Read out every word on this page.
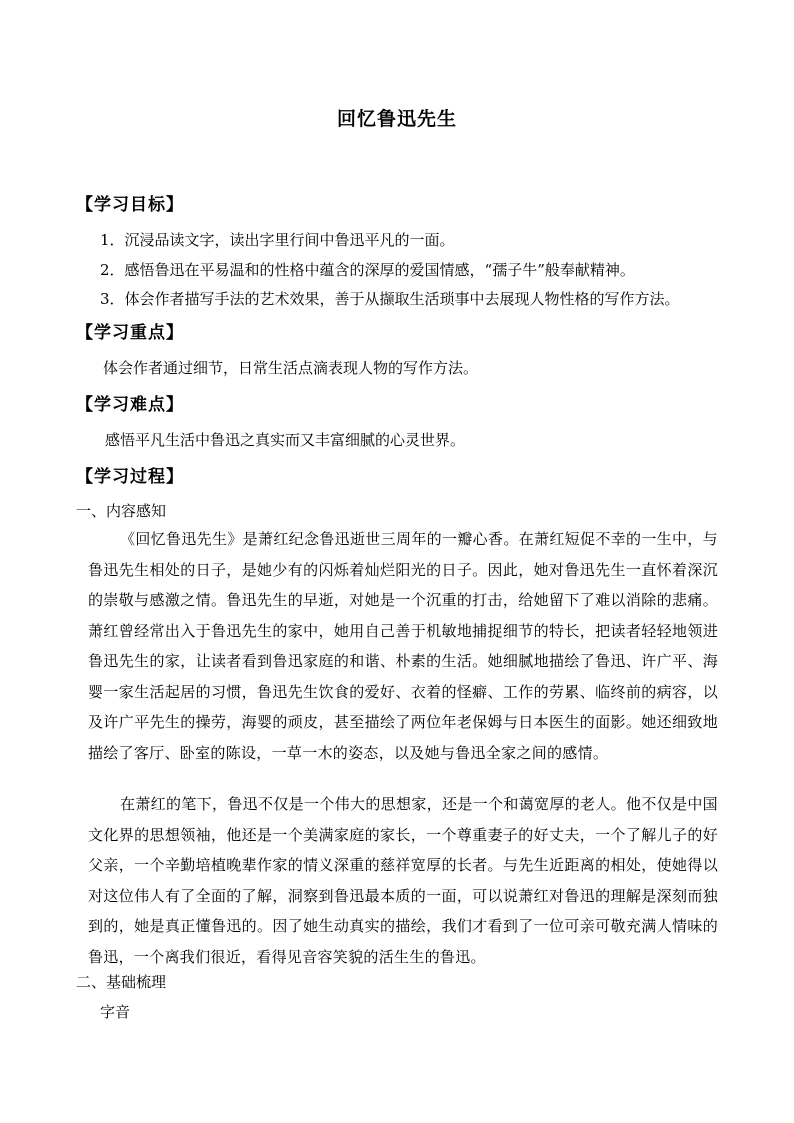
回忆鲁迅先生
【学习目标】
1．沉浸品读文字，读出字里行间中鲁迅平凡的一面。
2．感悟鲁迅在平易温和的性格中蕴含的深厚的爱国情感，“孺子牛”般奉献精神。
3．体会作者描写手法的艺术效果，善于从撷取生活琐事中去展现人物性格的写作方法。
【学习重点】
体会作者通过细节，日常生活点滴表现人物的写作方法。
【学习难点】
感悟平凡生活中鲁迅之真实而又丰富细腻的心灵世界。
【学习过程】
一、内容感知
《回忆鲁迅先生》是萧红纪念鲁迅逝世三周年的一瓣心香。在萧红短促不幸的一生中，与鲁迅先生相处的日子，是她少有的闪烁着灿烂阳光的日子。因此，她对鲁迅先生一直怀着深沉的崇敬与感激之情。鲁迅先生的早逝，对她是一个沉重的打击，给她留下了难以消除的悲痛。萧红曾经常出入于鲁迅先生的家中，她用自己善于机敏地捕捉细节的特长，把读者轻轻地领进鲁迅先生的家，让读者看到鲁迅家庭的和谐、朴素的生活。她细腻地描绘了鲁迅、许广平、海婴一家生活起居的习惯，鲁迅先生饮食的爱好、衣着的怪癖、工作的劳累、临终前的病容，以及许广平先生的操劳，海婴的顽皮，甚至描绘了两位年老保姆与日本医生的面影。她还细致地描绘了客厅、卧室的陈设，一草一木的姿态，以及她与鲁迅全家之间的感情。
在萧红的笔下，鲁迅不仅是一个伟大的思想家，还是一个和蔼宽厚的老人。他不仅是中国文化界的思想领袖，他还是一个美满家庭的家长，一个尊重妻子的好丈夫，一个了解儿子的好父亲，一个辛勤培植晚辈作家的情义深重的慈祥宽厚的长者。与先生近距离的相处，使她得以对这位伟人有了全面的了解，洞察到鲁迅最本质的一面，可以说萧红对鲁迅的理解是深刻而独到的，她是真正懂鲁迅的。因了她生动真实的描绘，我们才看到了一位可亲可敬充满人情味的鲁迅，一个离我们很近，看得见音容笑貌的活生生的鲁迅。
二、基础梳理
字音
